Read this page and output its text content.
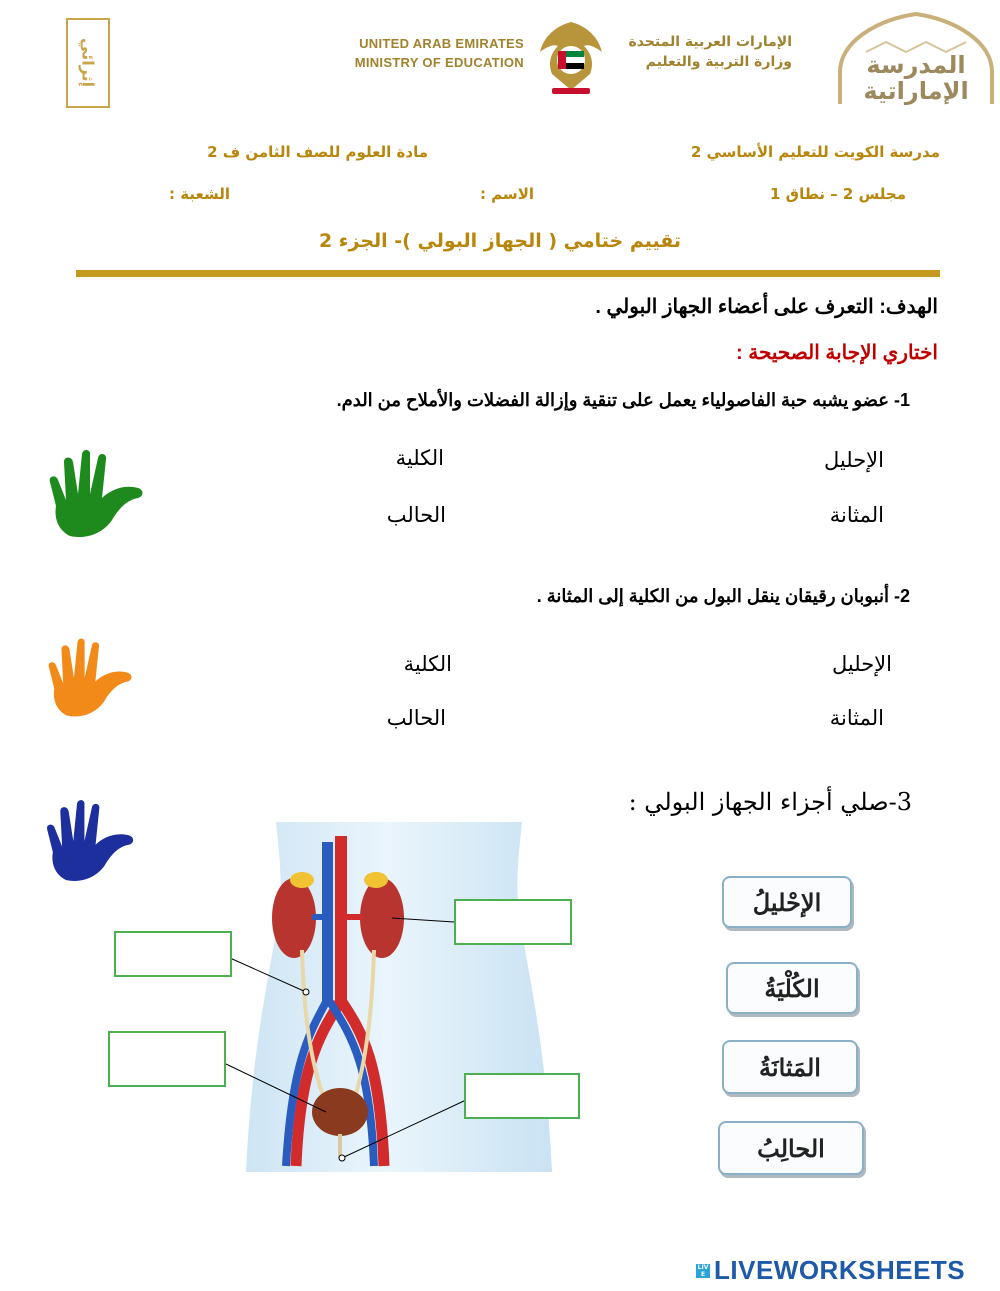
إثرائي	UNITED ARAB EMIRATES
MINISTRY OF EDUCATION
الإمارات العربية المتحدة
وزارة التربية والتعليم	المدرسة
الإماراتية
مدرسة الكويت للتعليم الأساسي 2
مادة العلوم للصف الثامن ف 2
مجلس 2 – نطاق 1
الاسم :
الشعبة :
تقييم ختامي ( الجهاز البولي )- الجزء 2
الهدف: التعرف على أعضاء الجهاز البولي .
اختاري الإجابة الصحيحة :
1- عضو يشبه حبة الفاصولياء يعمل على تنقية وإزالة الفضلات والأملاح من الدم.
الإحليل
الكلية
المثانة
الحالب
2- أنبوبان رقيقان ينقل البول من الكلية إلى المثانة .
الإحليل
الكلية
المثانة
الحالب
3-صلي أجزاء الجهاز البولي :
الإحْليلُ
الكُلْيَةُ
المَثانَةُ
الحالِبُ
LIVE LIVEWORKSHEETS
